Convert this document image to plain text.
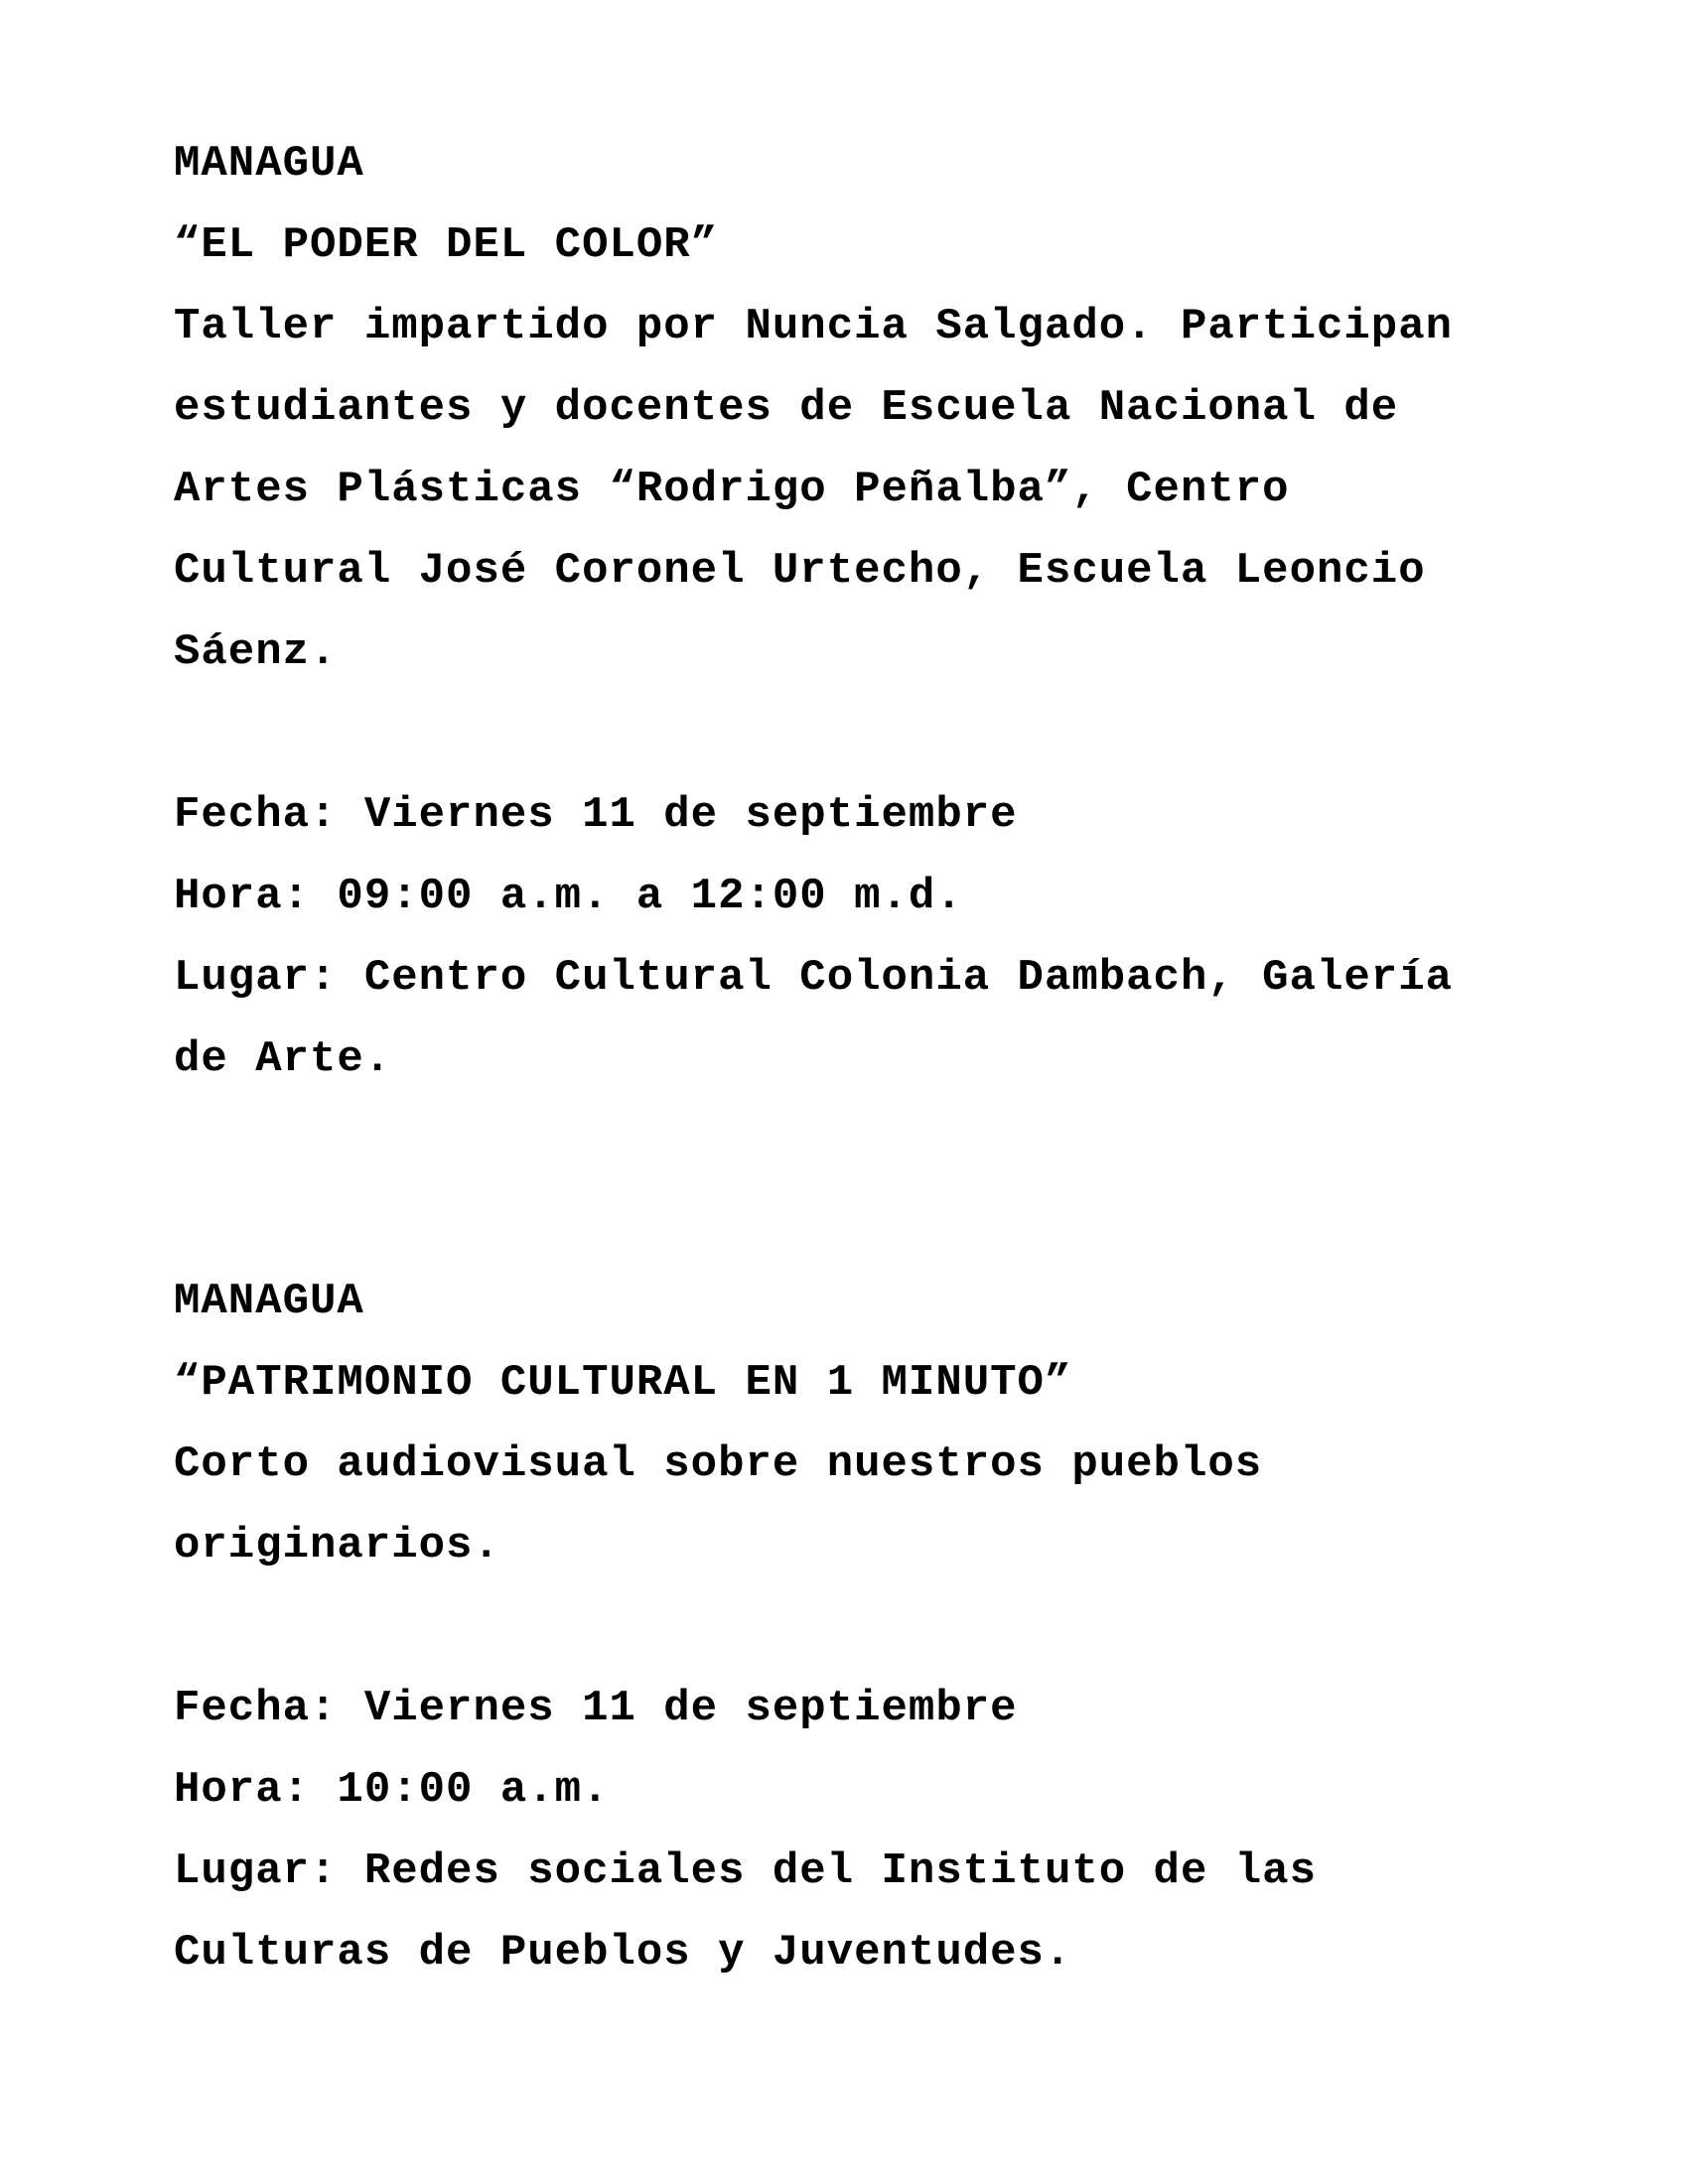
MANAGUA
“EL PODER DEL COLOR”
Taller impartido por Nuncia Salgado. Participan
estudiantes y docentes de Escuela Nacional de
Artes Plásticas “Rodrigo Peñalba”, Centro
Cultural José Coronel Urtecho, Escuela Leoncio
Sáenz.
Fecha: Viernes 11 de septiembre
Hora: 09:00 a.m. a 12:00 m.d.
Lugar: Centro Cultural Colonia Dambach, Galería
de Arte.
MANAGUA
“PATRIMONIO CULTURAL EN 1 MINUTO”
Corto audiovisual sobre nuestros pueblos
originarios.
Fecha: Viernes 11 de septiembre
Hora: 10:00 a.m.
Lugar: Redes sociales del Instituto de las
Culturas de Pueblos y Juventudes.
